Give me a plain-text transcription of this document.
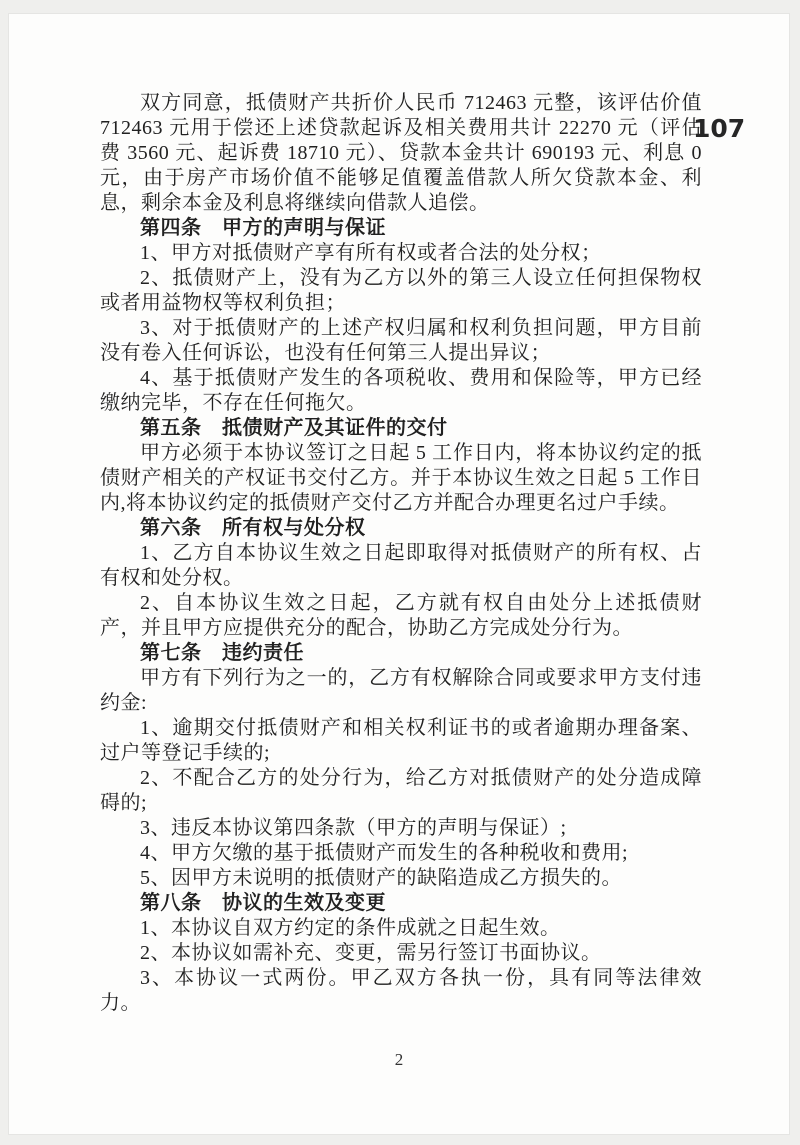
双方同意，抵债财产共折价人民币 712463 元整，该评估价值 712463 元用于偿还上述贷款起诉及相关费用共计 22270 元（评估费 3560 元、起诉费 18710 元）、贷款本金共计 690193 元、利息 0 元，由于房产市场价值不能够足值覆盖借款人所欠贷款本金、利息，剩余本金及利息将继续向借款人追偿。

第四条　甲方的声明与保证

1、甲方对抵债财产享有所有权或者合法的处分权；

2、抵债财产上，没有为乙方以外的第三人设立任何担保物权或者用益物权等权利负担；

3、对于抵债财产的上述产权归属和权利负担问题，甲方目前没有卷入任何诉讼，也没有任何第三人提出异议；

4、基于抵债财产发生的各项税收、费用和保险等，甲方已经缴纳完毕，不存在任何拖欠。

第五条　抵债财产及其证件的交付

甲方必须于本协议签订之日起 5 工作日内，将本协议约定的抵债财产相关的产权证书交付乙方。并于本协议生效之日起 5 工作日内,将本协议约定的抵债财产交付乙方并配合办理更名过户手续。

第六条　所有权与处分权

1、乙方自本协议生效之日起即取得对抵债财产的所有权、占有权和处分权。

2、自本协议生效之日起，乙方就有权自由处分上述抵债财产，并且甲方应提供充分的配合，协助乙方完成处分行为。

第七条　违约责任

甲方有下列行为之一的，乙方有权解除合同或要求甲方支付违约金:

1、逾期交付抵债财产和相关权利证书的或者逾期办理备案、过户等登记手续的;

2、不配合乙方的处分行为，给乙方对抵债财产的处分造成障碍的;

3、违反本协议第四条款（甲方的声明与保证）;

4、甲方欠缴的基于抵债财产而发生的各种税收和费用;

5、因甲方未说明的抵债财产的缺陷造成乙方损失的。

第八条　协议的生效及变更

1、本协议自双方约定的条件成就之日起生效。

2、本协议如需补充、变更，需另行签订书面协议。

3、本协议一式两份。甲乙双方各执一份，具有同等法律效力。

107
2
